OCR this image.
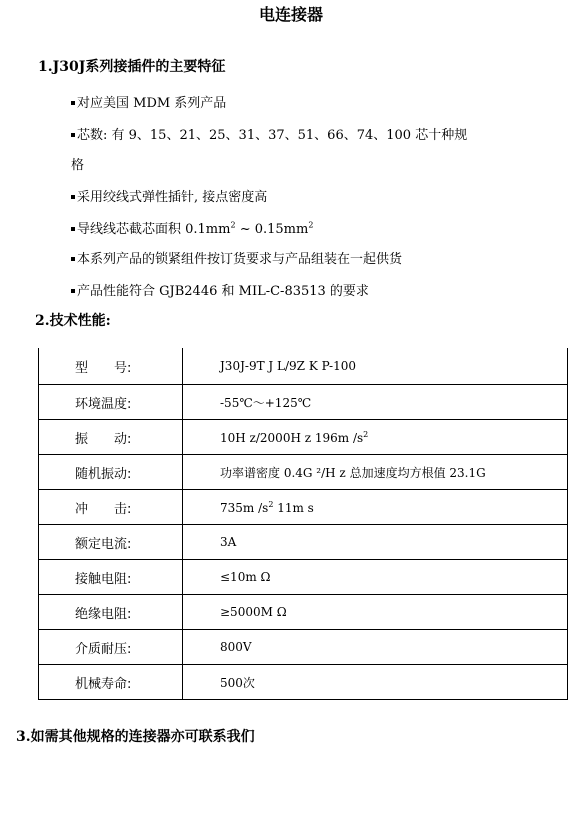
电连接器
1.J30J系列接插件的主要特征
对应美国 MDM 系列产品
芯数: 有 9、15、21、25、31、37、51、66、74、100 芯十种规
格
采用绞线式弹性插针, 接点密度高
导线线芯截芯面积 $0.1mm^2$ ~ $0.15mm^2$
本系列产品的锁紧组件按订货要求与产品组装在一起供货
产品性能符合 GJB2446 和 MIL-C-83513 的要求
2.技术性能:
型　　号:	J30J-9T J L/9Z K P-100
环境温度:	-55℃～+125℃
振　　动:	10H z/2000H z 196m $/s^2$
随机振动:	功率谱密度 0.4G ²/H z 总加速度均方根值 23.1G
冲　　击:	735m $/s^2$ 11m s
额定电流:	3A
接触电阻:	≤10m Ω
绝缘电阻:	≥5000M Ω
介质耐压:	800V
机械寿命:	500次
3.如需其他规格的连接器亦可联系我们
